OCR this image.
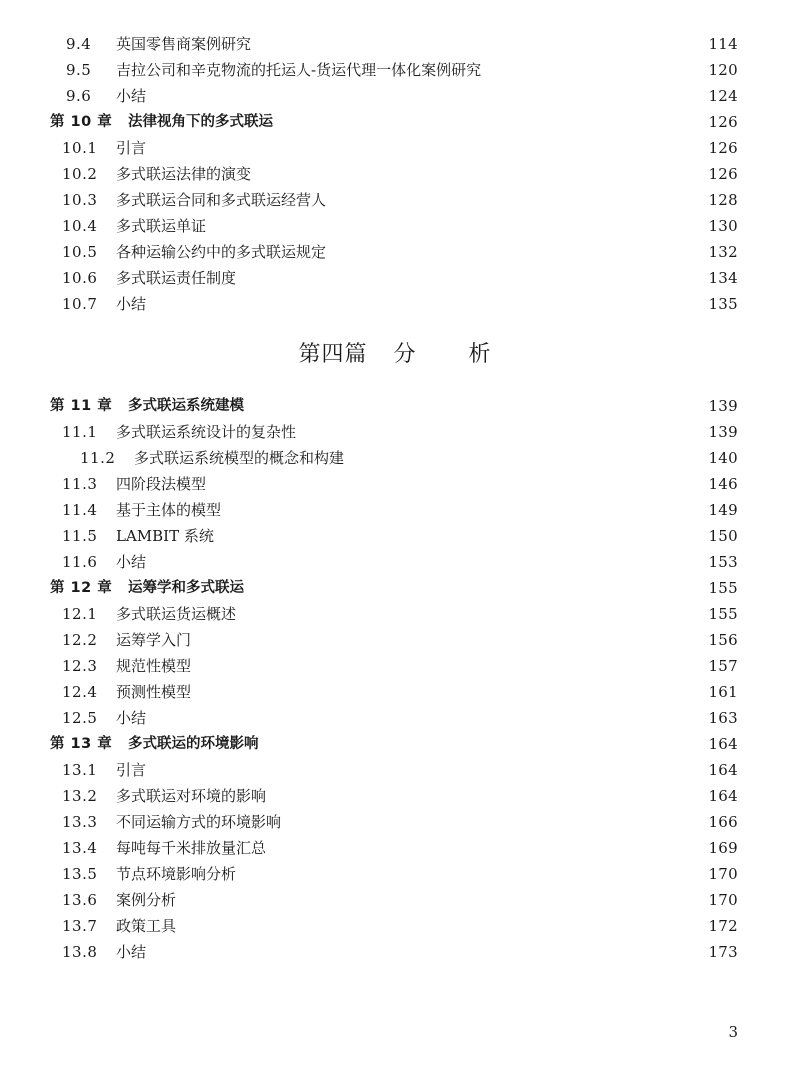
9.4 英国零售商案例研究	114
9.5 吉拉公司和辛克物流的托运人-货运代理一体化案例研究	120
9.6 小结	124
第 10 章 法律视角下的多式联运	126
10.1 引言	126
10.2 多式联运法律的演变	126
10.3 多式联运合同和多式联运经营人	128
10.4 多式联运单证	130
10.5 各种运输公约中的多式联运规定	132
10.6 多式联运责任制度	134
10.7 小结	135
第 11 章 多式联运系统建模	139
11.1 多式联运系统设计的复杂性	139
11.2 多式联运系统模型的概念和构建	140
11.3 四阶段法模型	146
11.4 基于主体的模型	149
11.5 LAMBIT 系统	150
11.6 小结	153
第 12 章 运筹学和多式联运	155
12.1 多式联运货运概述	155
12.2 运筹学入门	156
12.3 规范性模型	157
12.4 预测性模型	161
12.5 小结	163
第 13 章 多式联运的环境影响	164
13.1 引言	164
13.2 多式联运对环境的影响	164
13.3 不同运输方式的环境影响	166
13.4 每吨每千米排放量汇总	169
13.5 节点环境影响分析	170
13.6 案例分析	170
13.7 政策工具	172
13.8 小结	173
第四篇 分 析
3
